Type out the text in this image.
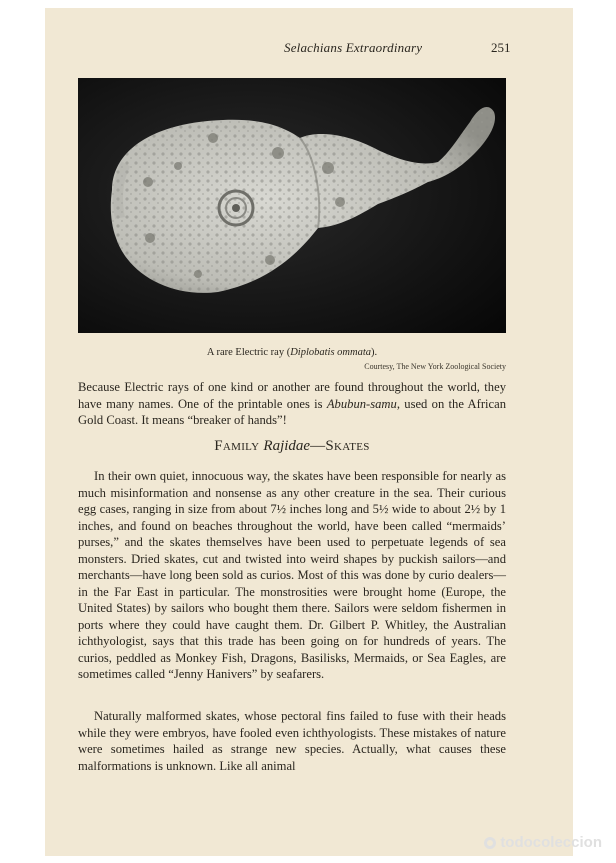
Selachians Extraordinary	251
A rare Electric ray (Diplobatis ommata).
Courtesy, The New York Zoological Society
Because Electric rays of one kind or another are found throughout the world, they have many names. One of the printable ones is Abubun-samu, used on the African Gold Coast. It means “breaker of hands”!
Family Rajidae—Skates
In their own quiet, innocuous way, the skates have been responsible for nearly as much misinformation and nonsense as any other creature in the sea. Their curious egg cases, ranging in size from about 7½ inches long and 5½ wide to about 2½ by 1 inches, and found on beaches throughout the world, have been called “mermaids’ purses,” and the skates themselves have been used to perpetuate legends of sea monsters. Dried skates, cut and twisted into weird shapes by puckish sailors—and merchants—have long been sold as curios. Most of this was done by curio dealers—in the Far East in particular. The monstrosities were brought home (Europe, the United States) by sailors who bought them there. Sailors were seldom fishermen in ports where they could have caught them. Dr. Gilbert P. Whitley, the Australian ichthyologist, says that this trade has been going on for hundreds of years. The curios, peddled as Monkey Fish, Dragons, Basilisks, Mermaids, or Sea Eagles, are sometimes called “Jenny Hanivers” by seafarers.
Naturally malformed skates, whose pectoral fins failed to fuse with their heads while they were embryos, have fooled even ichthyologists. These mistakes of nature were sometimes hailed as strange new species. Actually, what causes these malformations is unknown. Like all animal
todocoleccion
